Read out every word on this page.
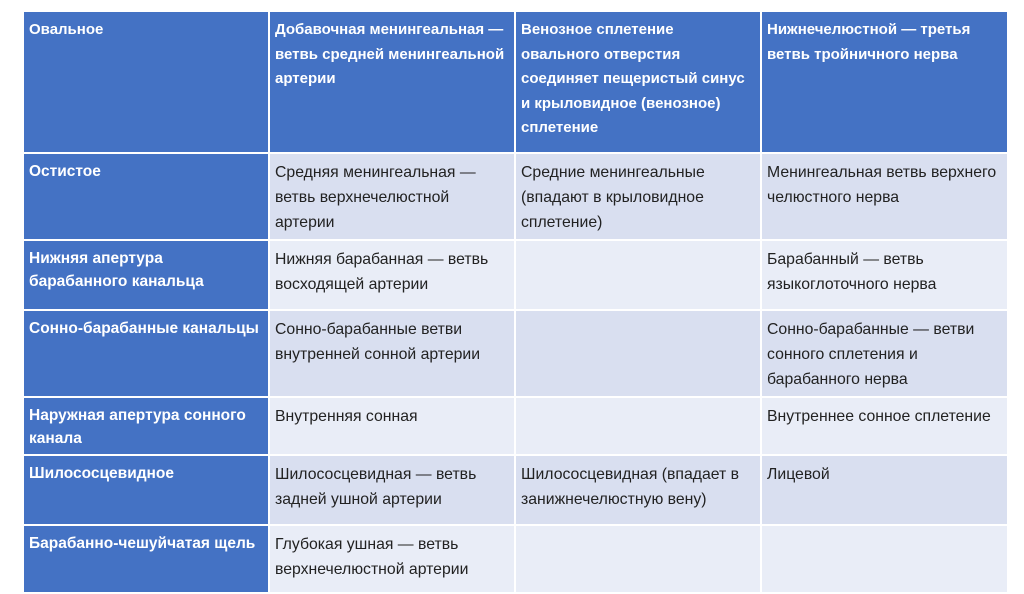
Овальное	Добавочная менингеальная — ветвь средней менингеальной артерии	Венозное сплетение овального отверстия соединяет пещеристый синус и крыловидное (венозное) сплетение	Нижнечелюстной — третья ветвь тройничного нерва
Остистое	Средняя менингеальная — ветвь верхнечелюстной артерии	Средние менингеальные (впадают в крыловидное сплетение)	Менингеальная ветвь верхнего челюстного нерва
Нижняя апертура барабанного канальца	Нижняя барабанная — ветвь восходящей артерии		Барабанный — ветвь языкоглоточного нерва
Сонно-барабанные канальцы	Сонно-барабанные ветви внутренней сонной артерии		Сонно-барабанные — ветви сонного сплетения и барабанного нерва
Наружная апертура сонного канала	Внутренняя сонная		Внутреннее сонное сплетение
Шилососцевидное	Шилососцевидная — ветвь задней ушной артерии	Шилососцевидная (впадает в занижнечелюстную вену)	Лицевой
Барабанно-чешуйчатая щель	Глубокая ушная — ветвь верхнечелюстной артерии		
